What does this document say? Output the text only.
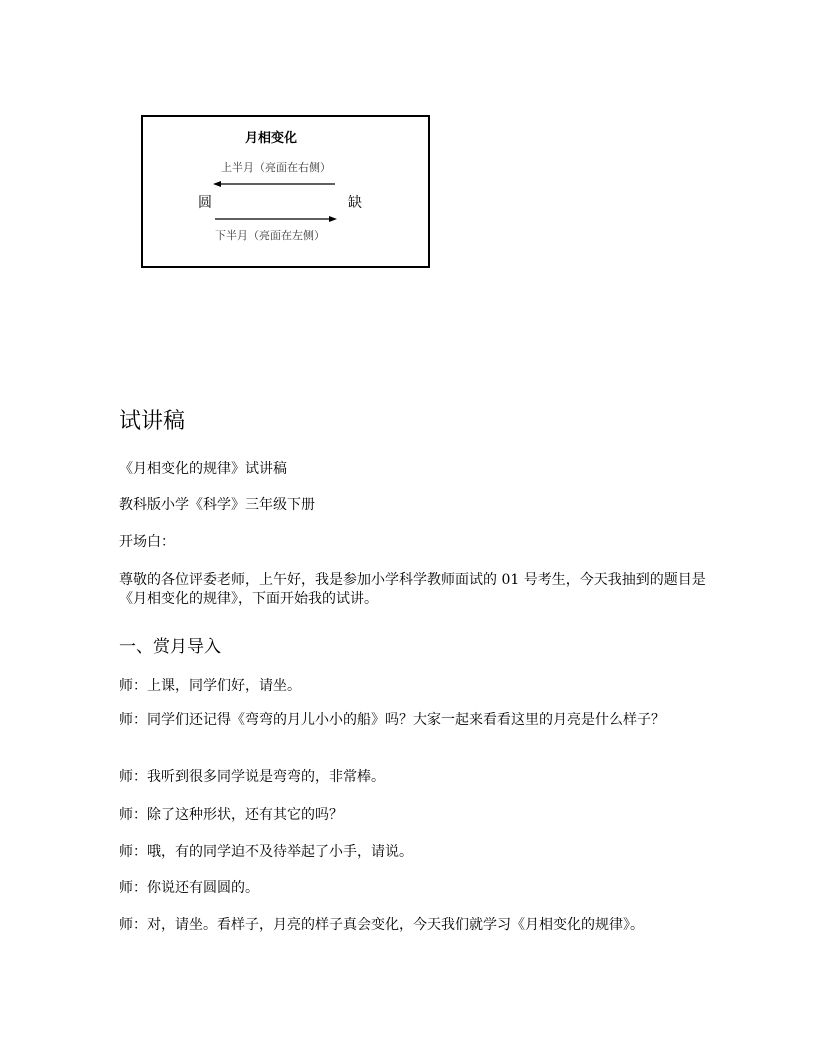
月相变化
上半月（亮面在右侧）
圆	缺
下半月（亮面在左侧）
试讲稿
《月相变化的规律》试讲稿
教科版小学《科学》三年级下册
开场白：
尊敬的各位评委老师，上午好，我是参加小学科学教师面试的 01 号考生，今天我抽到的题目是《月相变化的规律》，下面开始我的试讲。
一、赏月导入
师：上课，同学们好，请坐。
师：同学们还记得《弯弯的月儿小小的船》吗？大家一起来看看这里的月亮是什么样子？
师：我听到很多同学说是弯弯的，非常棒。
师：除了这种形状，还有其它的吗？
师：哦，有的同学迫不及待举起了小手，请说。
师：你说还有圆圆的。
师：对，请坐。看样子，月亮的样子真会变化，今天我们就学习《月相变化的规律》。
